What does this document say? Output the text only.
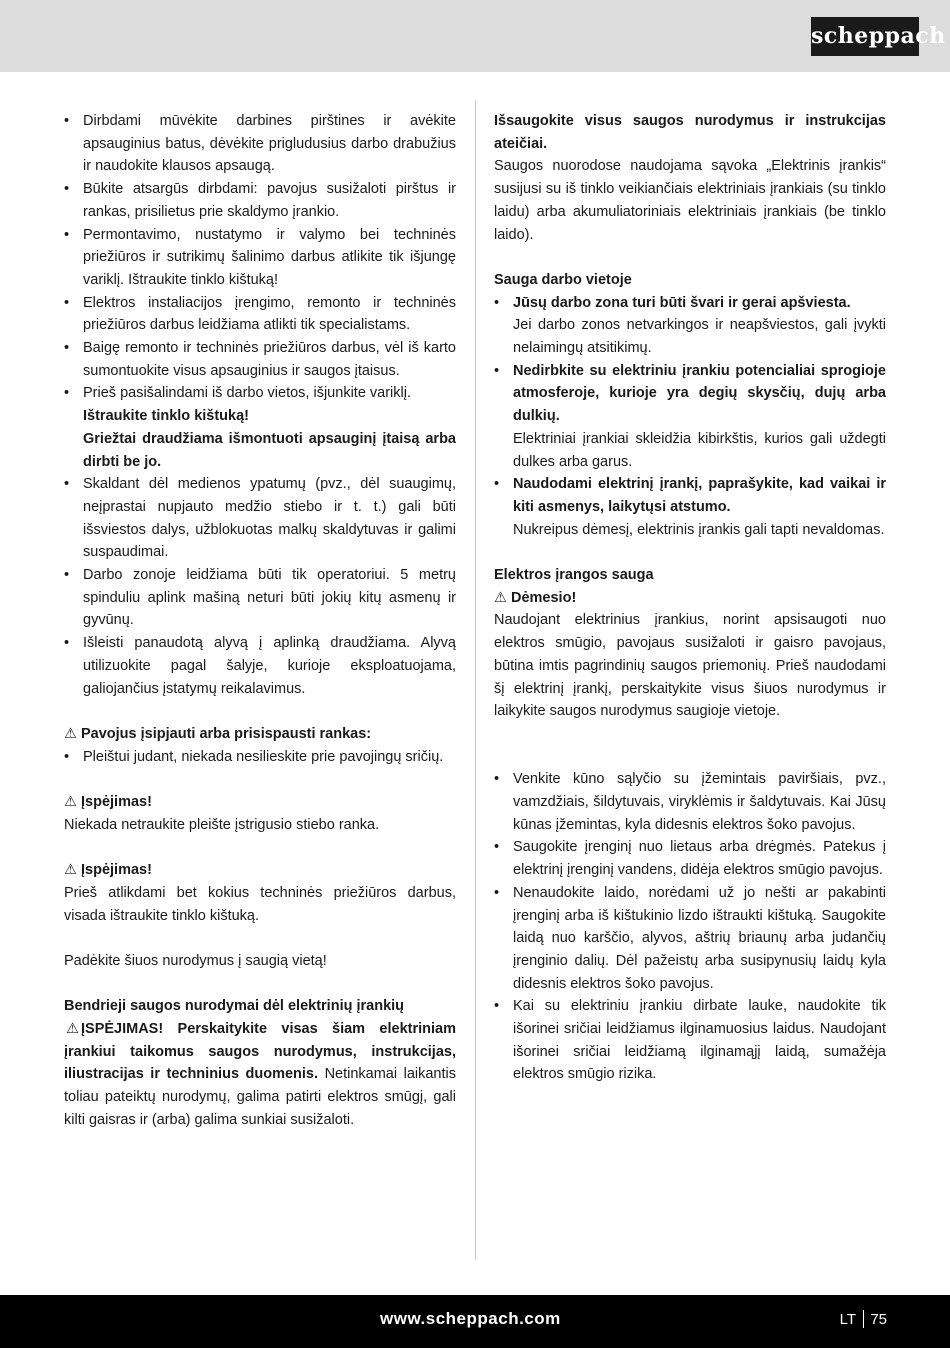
scheppach
• Dirbdami mūvėkite darbines pirštines ir avėkite apsauginius batus, dėvėkite prigludusius darbo drabužius ir naudokite klausos apsaugą.
• Būkite atsargūs dirbdami: pavojus susižaloti pirštus ir rankas, prisilietus prie skaldymo įrankio.
• Permontavimo, nustatymo ir valymo bei techninės priežiūros ir sutrikimų šalinimo darbus atlikite tik išjungę variklį. Ištraukite tinklo kištuką!
• Elektros instaliacijos įrengimo, remonto ir techninės priežiūros darbus leidžiama atlikti tik specialistams.
• Baigę remonto ir techninės priežiūros darbus, vėl iš karto sumontuokite visus apsauginius ir saugos įtaisus.
• Prieš pasišalindami iš darbo vietos, išjunkite variklį.
Ištraukite tinklo kištuką!
Griežtai draudžiama išmontuoti apsauginį įtaisą arba dirbti be jo.
• Skaldant dėl medienos ypatumų (pvz., dėl suaugimų, neįprastai nupjauto medžio stiebo ir t. t.) gali būti išsviestos dalys, užblokuotas malkų skaldytuvas ir galimi suspaudimai.
• Darbo zonoje leidžiama būti tik operatoriui. 5 metrų spinduliu aplink mašiną neturi būti jokių kitų asmenų ir gyvūnų.
• Išleisti panaudotą alyvą į aplinką draudžiama. Alyvą utilizuokite pagal šalyje, kurioje eksploatuojama, galiojančius įstatymų reikalavimus.

⚠ Pavojus įsipjauti arba prisispausti rankas:

• Pleištui judant, niekada nesilieskite prie pavojingų sričių.

⚠ Įspėjimas!

Niekada netraukite pleište įstrigusio stiebo ranka.

⚠ Įspėjimas!

Prieš atlikdami bet kokius techninės priežiūros darbus, visada ištraukite tinklo kištuką.

Padėkite šiuos nurodymus į saugią vietą!

Bendrieji saugos nurodymai dėl elektrinių įrankių

⚠ ĮSPĖJIMAS! Perskaitykite visas šiam elektriniam įrankiui taikomus saugos nurodymus, instrukcijas, iliustracijas ir techninius duomenis. Netinkamai laikantis toliau pateiktų nurodymų, galima patirti elektros smūgį, gali kilti gaisras ir (arba) galima sunkiai susižaloti.

Išsaugokite visus saugos nurodymus ir instrukcijas ateičiai.

Saugos nuorodose naudojama sąvoka „Elektrinis įrankis“ susijusi su iš tinklo veikiančiais elektriniais įrankiais (su tinklo laidu) arba akumuliatoriniais elektriniais įrankiais (be tinklo laido).

Sauga darbo vietoje

• Jūsų darbo zona turi būti švari ir gerai apšviesta.
Jei darbo zonos netvarkingos ir neapšviestos, gali įvykti nelaimingų atsitikimų.
• Nedirbkite su elektriniu įrankiu potencialiai sprogioje atmosferoje, kurioje yra degių skysčių, dujų arba dulkių.
Elektriniai įrankiai skleidžia kibirkštis, kurios gali uždegti dulkes arba garus.
• Naudodami elektrinį įrankį, paprašykite, kad vaikai ir kiti asmenys, laikytųsi atstumo.
Nukreipus dėmesį, elektrinis įrankis gali tapti nevaldomas.

Elektros įrangos sauga

⚠ Dėmesio!

Naudojant elektrinius įrankius, norint apsisaugoti nuo elektros smūgio, pavojaus susižaloti ir gaisro pavojaus, būtina imtis pagrindinių saugos priemonių. Prieš naudodami šį elektrinį įrankį, perskaitykite visus šiuos nurodymus ir laikykite saugos nurodymus saugioje vietoje.

• Venkite kūno sąlyčio su įžemintais paviršiais, pvz., vamzdžiais, šildytuvais, viryklėmis ir šaldytuvais. Kai Jūsų kūnas įžemintas, kyla didesnis elektros šoko pavojus.
• Saugokite įrenginį nuo lietaus arba drėgmės. Patekus į elektrinį įrenginį vandens, didėja elektros smūgio pavojus.
• Nenaudokite laido, norėdami už jo nešti ar pakabinti įrenginį arba iš kištukinio lizdo ištraukti kištuką. Saugokite laidą nuo karščio, alyvos, aštrių briaunų arba judančių įrenginio dalių. Dėl pažeistų arba susipynusių laidų kyla didesnis elektros šoko pavojus.
• Kai su elektriniu įrankiu dirbate lauke, naudokite tik išorinei sričiai leidžiamus ilginamuosius laidus. Naudojant išorinei sričiai leidžiamą ilginamąjį laidą, sumažėja elektros smūgio rizika.
www.scheppach.com	LT 75
